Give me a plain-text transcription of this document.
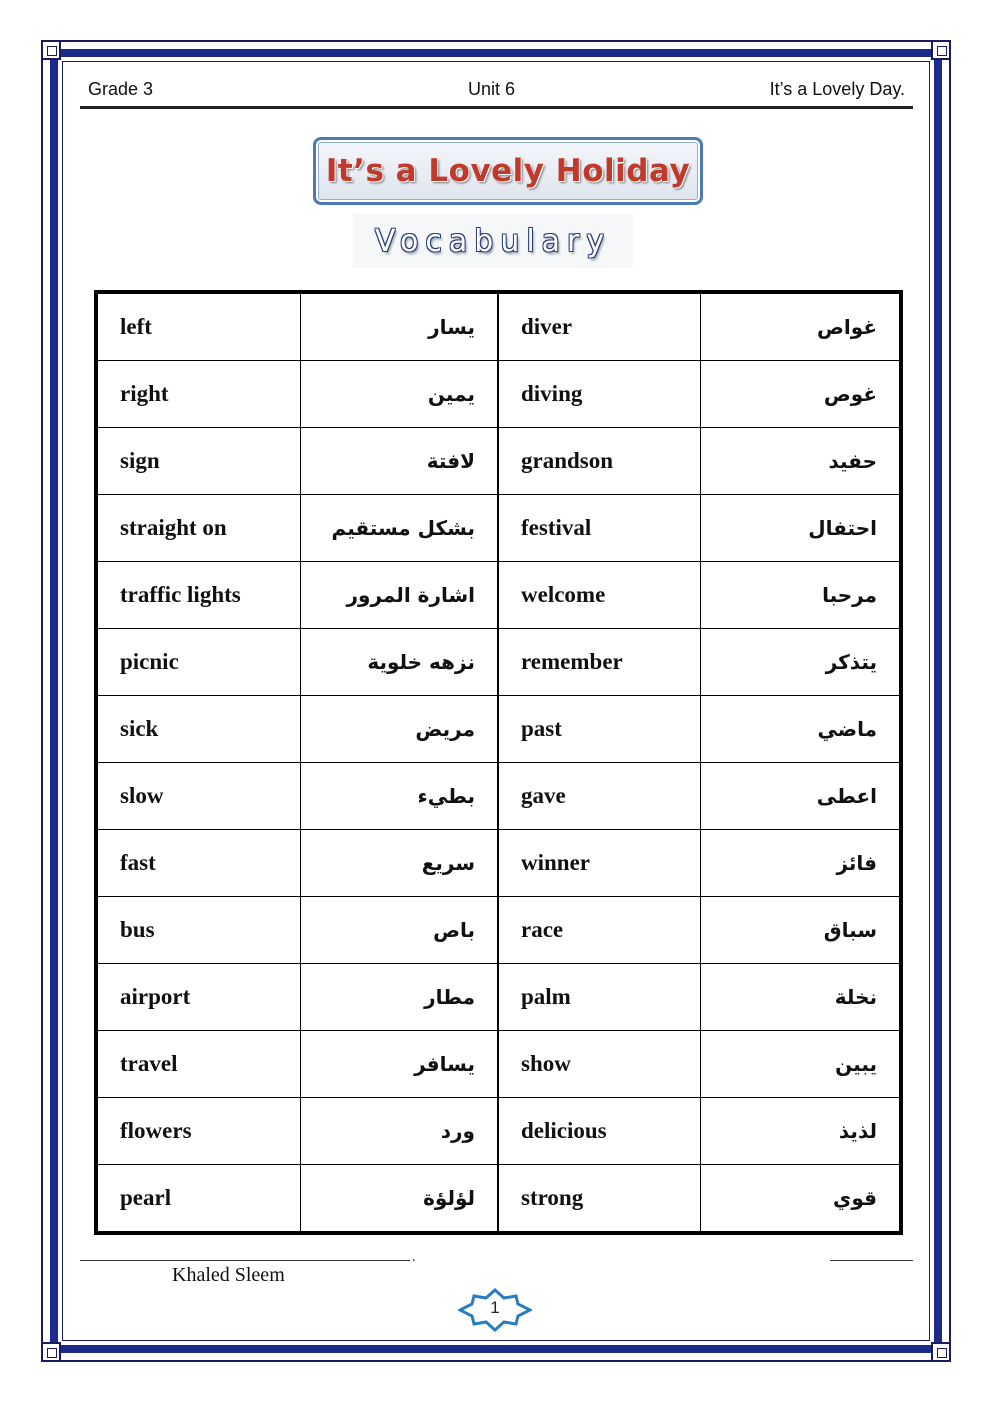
Grade 3	Unit 6	It’s a Lovely Day.
It’s a Lovely Holiday
Vocabulary
left	يسار	diver	غواص
right	يمين	diving	غوص
sign	لافتة	grandson	حفيد
straight on	بشكل مستقيم	festival	احتفال
traffic lights	اشارة المرور	welcome	مرحبا
picnic	نزهه خلوية	remember	يتذكر
sick	مريض	past	ماضي
slow	بطيء	gave	اعطى
fast	سريع	winner	فائز
bus	باص	race	سباق
airport	مطار	palm	نخلة
travel	يسافر	show	يبين
flowers	ورد	delicious	لذيذ
pearl	لؤلؤة	strong	قوي
.
Khaled Sleem
1
